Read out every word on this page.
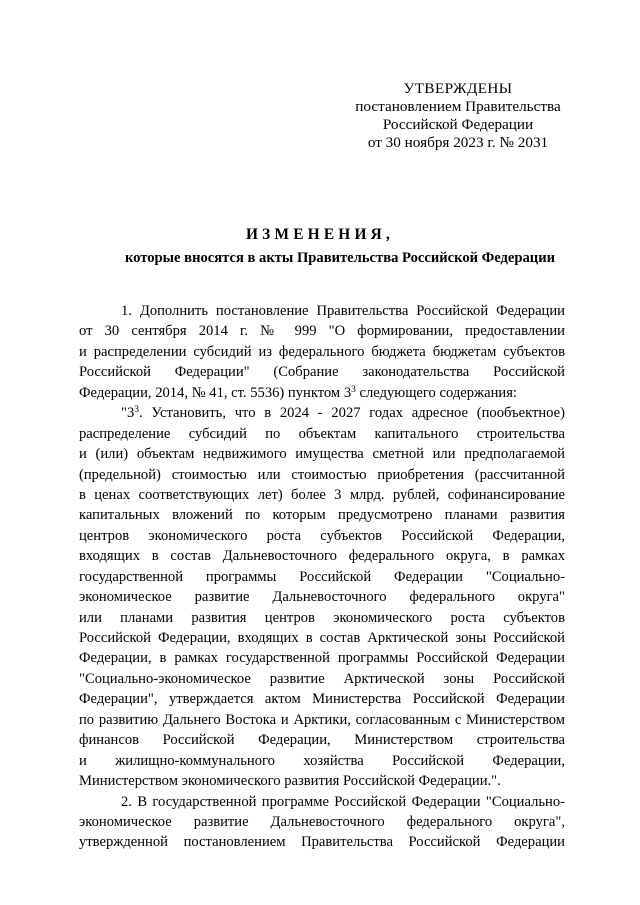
УТВЕРЖДЕНЫ
постановлением Правительства
Российской Федерации
от 30 ноября 2023 г. № 2031
ИЗМЕНЕНИЯ,
которые вносятся в акты Правительства Российской Федерации
1. Дополнить постановление Правительства Российской Федерации
от 30 сентября 2014 г. № 999 "О формировании, предоставлении
и распределении субсидий из федерального бюджета бюджетам субъектов
Российской Федерации" (Собрание законодательства Российской
Федерации, 2014, № 41, ст. 5536) пунктом $3^3$ следующего содержания:
"$3^3$. Установить, что в 2024 - 2027 годах адресное (пообъектное)
распределение субсидий по объектам капитального строительства
и (или) объектам недвижимого имущества сметной или предполагаемой
(предельной) стоимостью или стоимостью приобретения (рассчитанной
в ценах соответствующих лет) более 3 млрд. рублей, софинансирование
капитальных вложений по которым предусмотрено планами развития
центров экономического роста субъектов Российской Федерации,
входящих в состав Дальневосточного федерального округа, в рамках
государственной программы Российской Федерации "Социально-
экономическое развитие Дальневосточного федерального округа"
или планами развития центров экономического роста субъектов
Российской Федерации, входящих в состав Арктической зоны Российской
Федерации, в рамках государственной программы Российской Федерации
"Социально-экономическое развитие Арктической зоны Российской
Федерации", утверждается актом Министерства Российской Федерации
по развитию Дальнего Востока и Арктики, согласованным с Министерством
финансов Российской Федерации, Министерством строительства
и жилищно-коммунального хозяйства Российской Федерации,
Министерством экономического развития Российской Федерации.".
2. В государственной программе Российской Федерации "Социально-
экономическое развитие Дальневосточного федерального округа",
утвержденной постановлением Правительства Российской Федерации
